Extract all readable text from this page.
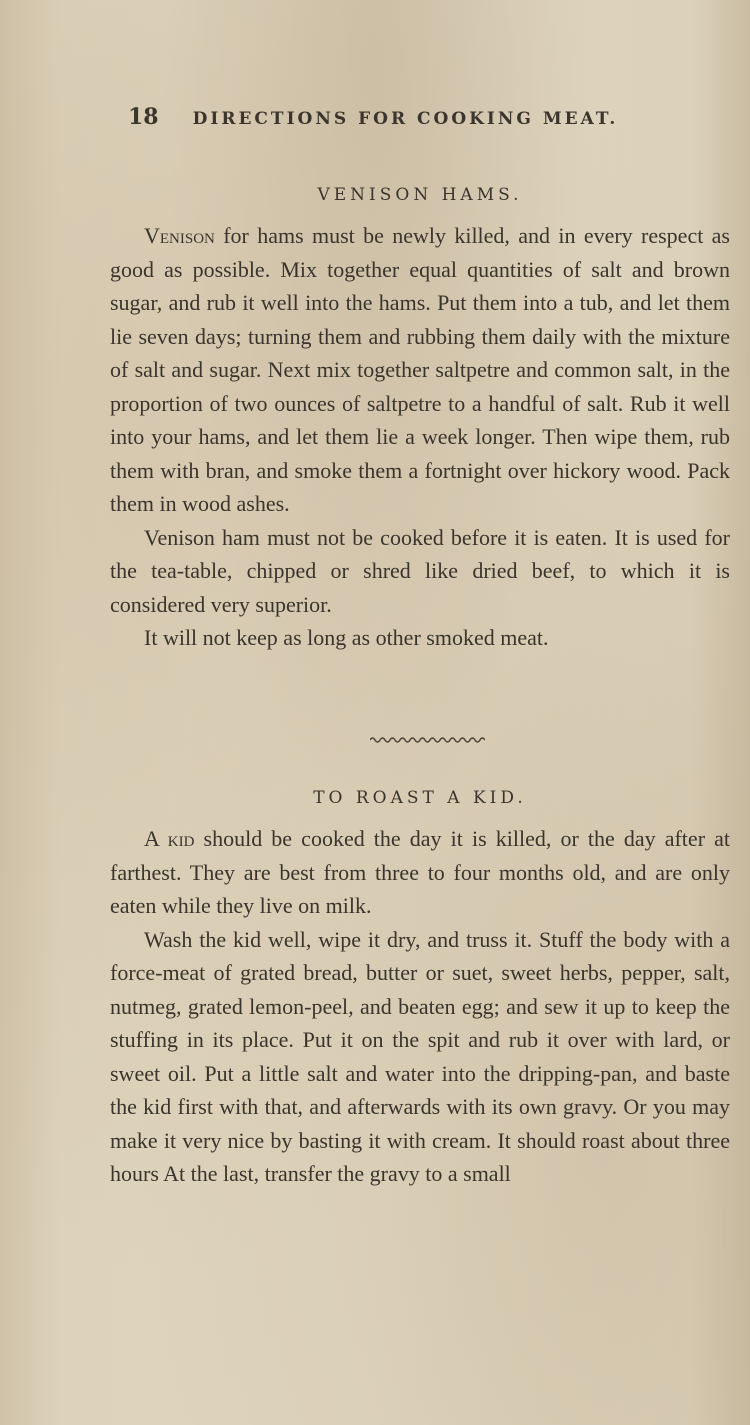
18 DIRECTIONS FOR COOKING MEAT.
VENISON HAMS.

Venison for hams must be newly killed, and in every respect as good as possible. Mix together equal quantities of salt and brown sugar, and rub it well into the hams. Put them into a tub, and let them lie seven days; turning them and rubbing them daily with the mixture of salt and sugar. Next mix together saltpetre and common salt, in the proportion of two ounces of saltpetre to a handful of salt. Rub it well into your hams, and let them lie a week longer. Then wipe them, rub them with bran, and smoke them a fortnight over hickory wood. Pack them in wood ashes.

Venison ham must not be cooked before it is eaten. It is used for the tea-table, chipped or shred like dried beef, to which it is considered very superior.

It will not keep as long as other smoked meat.

TO ROAST A KID.

A kid should be cooked the day it is killed, or the day after at farthest. They are best from three to four months old, and are only eaten while they live on milk.

Wash the kid well, wipe it dry, and truss it. Stuff the body with a force-meat of grated bread, butter or suet, sweet herbs, pepper, salt, nutmeg, grated lemon-peel, and beaten egg; and sew it up to keep the stuffing in its place. Put it on the spit and rub it over with lard, or sweet oil. Put a little salt and water into the dripping-pan, and baste the kid first with that, and afterwards with its own gravy. Or you may make it very nice by basting it with cream. It should roast about three hours At the last, transfer the gravy to a small
